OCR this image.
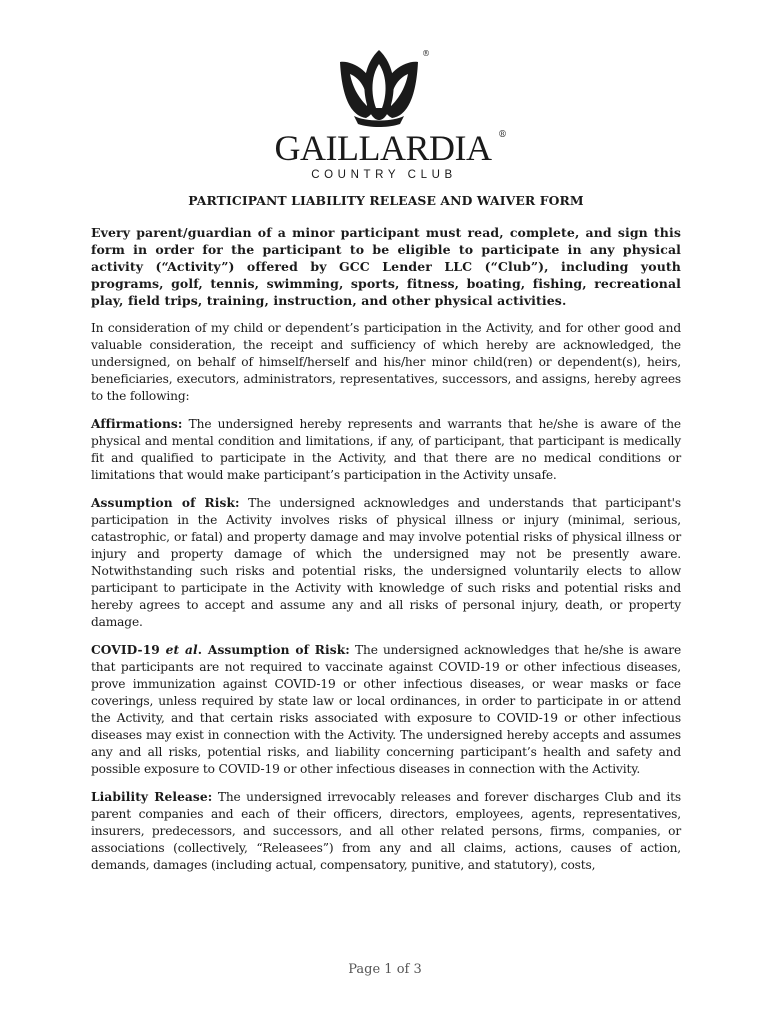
®
GAILLARDIA ®
COUNTRY CLUB
PARTICIPANT LIABILITY RELEASE AND WAIVER FORM

Every parent/guardian of a minor participant must read, complete, and sign this form in order for the participant to be eligible to participate in any physical activity (“Activity”) offered by GCC Lender LLC (“Club”), including youth programs, golf, tennis, swimming, sports, fitness, boating, fishing, recreational play, field trips, training, instruction, and other physical activities.

In consideration of my child or dependent’s participation in the Activity, and for other good and valuable consideration, the receipt and sufficiency of which hereby are acknowledged, the undersigned, on behalf of himself/herself and his/her minor child(ren) or dependent(s), heirs, beneficiaries, executors, administrators, representatives, successors, and assigns, hereby agrees to the following:

Affirmations: The undersigned hereby represents and warrants that he/she is aware of the physical and mental condition and limitations, if any, of participant, that participant is medically fit and qualified to participate in the Activity, and that there are no medical conditions or limitations that would make participant’s participation in the Activity unsafe.

Assumption of Risk: The undersigned acknowledges and understands that participant's participation in the Activity involves risks of physical illness or injury (minimal, serious, catastrophic, or fatal) and property damage and may involve potential risks of physical illness or injury and property damage of which the undersigned may not be presently aware. Notwithstanding such risks and potential risks, the undersigned voluntarily elects to allow participant to participate in the Activity with knowledge of such risks and potential risks and hereby agrees to accept and assume any and all risks of personal injury, death, or property damage.

COVID-19 et al. Assumption of Risk: The undersigned acknowledges that he/she is aware that participants are not required to vaccinate against COVID-19 or other infectious diseases, prove immunization against COVID-19 or other infectious diseases, or wear masks or face coverings, unless required by state law or local ordinances, in order to participate in or attend the Activity, and that certain risks associated with exposure to COVID-19 or other infectious diseases may exist in connection with the Activity. The undersigned hereby accepts and assumes any and all risks, potential risks, and liability concerning participant’s health and safety and possible exposure to COVID-19 or other infectious diseases in connection with the Activity.

Liability Release: The undersigned irrevocably releases and forever discharges Club and its parent companies and each of their officers, directors, employees, agents, representatives, insurers, predecessors, and successors, and all other related persons, firms, companies, or associations (collectively, “Releasees”) from any and all claims, actions, causes of action, demands, damages (including actual, compensatory, punitive, and statutory), costs,

Page 1 of 3
